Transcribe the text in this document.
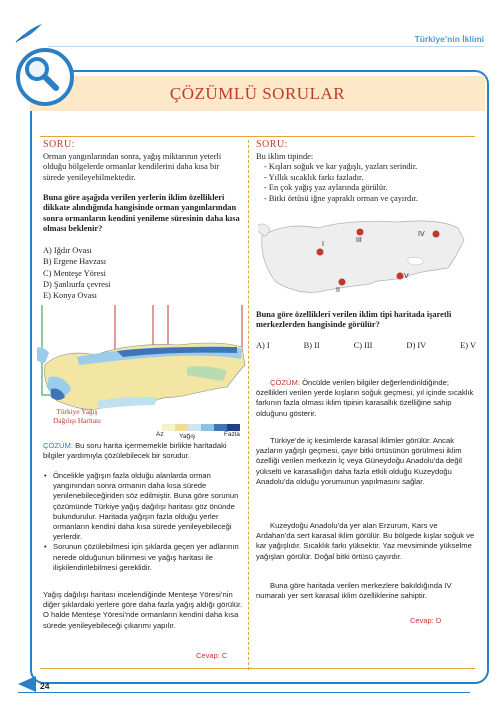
Türkiye’nin İklimi
ÇÖZÜMLÜ SORULAR
SORU:
Orman yangınlarından sonra, yağış miktarının yeterli olduğu bölgelerde ormanlar kendilerini daha kısa bir sürede yenileyebilmektedir.
Buna göre aşağıda verilen yerlerin iklim özellikleri dikkate alındığında hangisinde orman yangınlarından sonra ormanların kendini yenileme süresinin daha kısa olması beklenir?
A) Iğdır Ovası
B) Ergene Havzası
C) Menteşe Yöresi
D) Şanlıurfa çevresi
E) Konya Ovası
Türkiye Yağış
Dağılışı Haritası
Az Yağış	Fazla
ÇÖZÜM: Bu soru harita içermemekle birlikte haritadaki bilgiler yardımıyla çözülebilecek bir sorudur.
• Öncelikle yağışın fazla olduğu alanlarda orman yangınından sonra ormanın daha kısa sürede yenilenebileceğinden söz edilmiştir. Buna göre sorunun çözümünde Türkiye yağış dağılışı haritası göz önünde bulundurulur. Haritada yağışın fazla olduğu yerler ormanların kendini daha kısa sürede yenileyebileceği yerlerdir.
• Sorunun çözülebilmesi için şıklarda geçen yer adlarının nerede olduğunun bilinmesi ve yağış haritası ile ilişkilendirilebilmesi gereklidir.
Yağış dağılışı haritası incelendiğinde Menteşe Yöresi’nin diğer şıklardaki yerlere göre daha fazla yağış aldığı görülür. O halde Menteşe Yöresi’nde ormanların kendini daha kısa sürede yenileyebileceği çıkarımı yapılır.
Cevap: C
SORU:
Bu iklim tipinde:
- Kışları soğuk ve kar yağışlı, yazları serindir.
- Yıllık sıcaklık farkı fazladır.
- En çok yağış yaz aylarında görülür.
- Bitki örtüsü iğne yapraklı orman ve çayırdır.
I
II
III
IV
V
Buna göre özellikleri verilen iklim tipi haritada işaretli merkezlerden hangisinde görülür?
A) I	B) II	C) III	D) IV	E) V
ÇÖZÜM: Öncülde verilen bilgiler değerlendirildiğinde; özellikleri verilen yerde kışların soğuk geçmesi, yıl içinde sıcaklık farkının fazla olması iklim tipinin karasallık özelliğine sahip olduğunu gösterir.
Türkiye’de iç kesimlerde karasal iklimler görülür. Ancak yazların yağışlı geçmesi, çayır bitki örtüsünün görülmesi iklim özelliği verilen merkezin İç veya Güneydoğu Anadolu’da değil yükselti ve karasallığın daha fazla etkili olduğu Kuzeydoğu Anadolu’da olduğu yorumunun yapılmasını sağlar.
Kuzeydoğu Anadolu’da yer alan Erzurum, Kars ve Ardahan’da sert karasal iklim görülür. Bu bölgede kışlar soğuk ve kar yağışlıdır. Sıcaklık farkı yüksektir. Yaz mevsiminde yükselme yağışları görülür. Doğal bitki örtüsü çayırdır.
Buna göre haritada verilen merkezlere bakıldığında IV numaralı yer sert karasal iklim özelliklerine sahiptir.
Cevap: D
24
